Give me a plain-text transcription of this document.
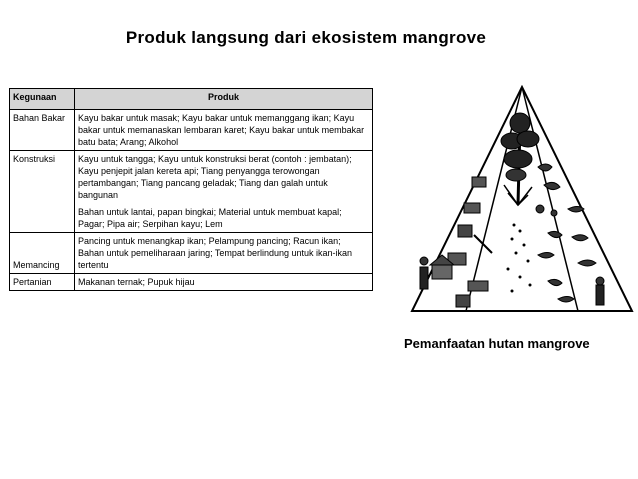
Produk langsung dari ekosistem mangrove
Kegunaan	Produk
Bahan Bakar	Kayu bakar untuk masak; Kayu bakar untuk memanggang ikan; Kayu bakar untuk memanaskan lembaran karet; Kayu bakar untuk membakar batu bata; Arang; Alkohol

Konstruksi	Kayu untuk tangga; Kayu untuk konstruksi berat (contoh : jembatan); Kayu penjepit jalan kereta api; Tiang penyangga terowongan pertambangan; Tiang pancang geladak; Tiang dan galah untuk bangunan

Bahan untuk lantai, papan bingkai; Material untuk membuat kapal; Pagar; Pipa air; Serpihan kayu; Lem

Memancing	Pancing untuk menangkap ikan; Pelampung pancing; Racun ikan; Bahan untuk pemeliharaan jaring; Tempat berlindung untuk ikan-ikan tertentu

Pertanian	Makanan ternak; Pupuk hijau

Pemanfaatan hutan mangrove
